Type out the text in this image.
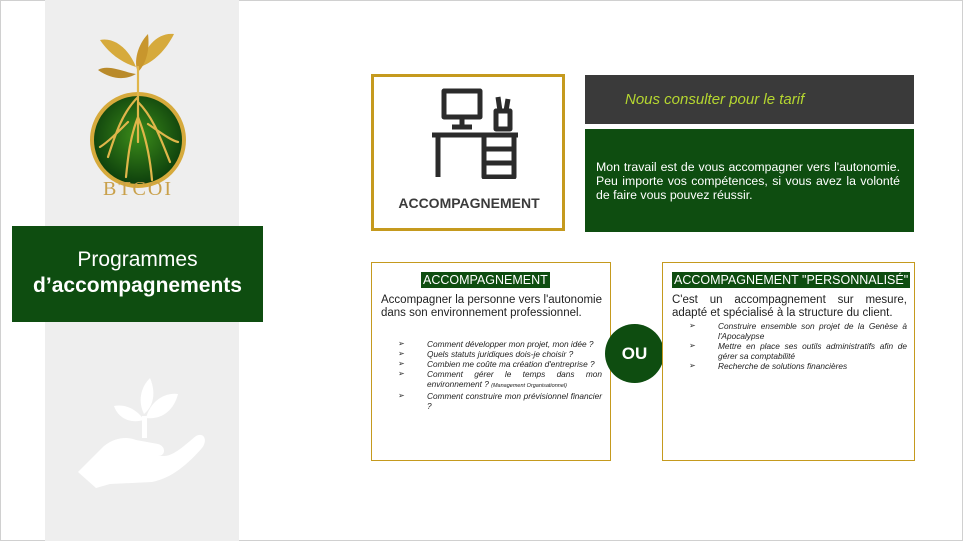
BTCOI
Programmes
d’accompagnements
ACCOMPAGNEMENT
Nous consulter pour le tarif
Mon travail est de vous accompagner vers l'autonomie. Peu importe vos compétences, si vous avez la volonté de faire vous pouvez réussir.
ACCOMPAGNEMENT
Accompagner la personne vers l'autonomie dans son environnement professionnel.
➢	Comment développer mon projet, mon idée ?
➢	Quels statuts juridiques dois-je choisir ?
➢	Combien me coûte ma création d'entreprise ?
➢	Comment gérer le temps dans mon environnement ? (Management Organisationnel)
➢	Comment construire mon prévisionnel financier ?
OU
ACCOMPAGNEMENT "PERSONNALISÉ"
C'est un accompagnement sur mesure, adapté et spécialisé à la structure du client.
➢	Construire ensemble son projet de la Genèse à l'Apocalypse
➢	Mettre en place ses outils administratifs afin de gérer sa comptabilité
➢	Recherche de solutions financières
